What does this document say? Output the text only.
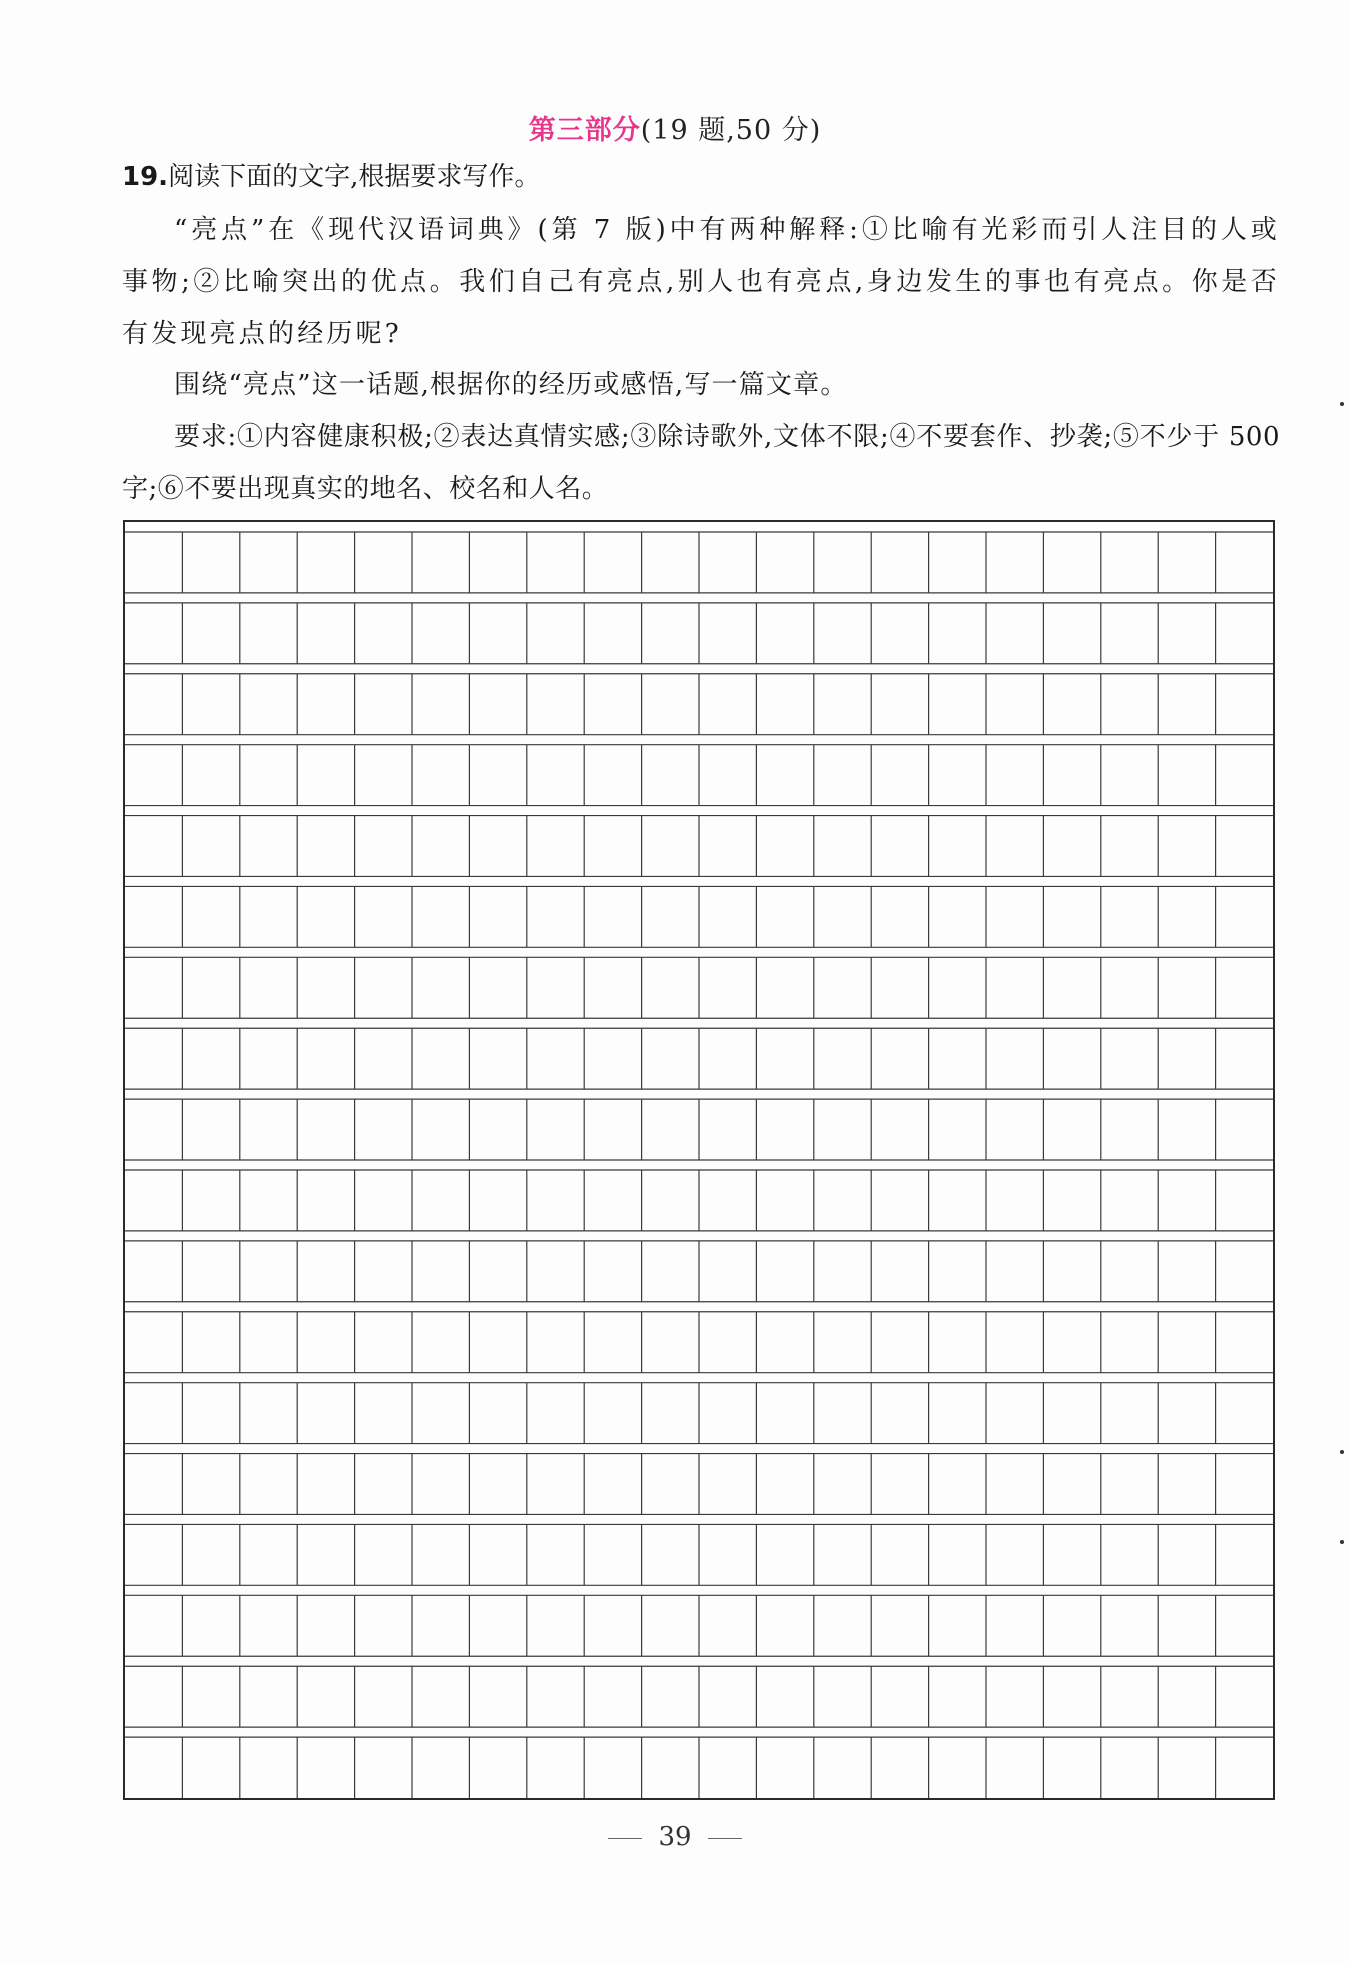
第三部分(19 题,50 分)
19.阅读下面的文字,根据要求写作。
“亮点”在《现代汉语词典》(第 7 版)中有两种解释:①比喻有光彩而引人注目的人或事物;②比喻突出的优点。我们自己有亮点,别人也有亮点,身边发生的事也有亮点。你是否有发现亮点的经历呢?
围绕“亮点”这一话题,根据你的经历或感悟,写一篇文章。
要求:①内容健康积极;②表达真情实感;③除诗歌外,文体不限;④不要套作、抄袭;⑤不少于 500 字;⑥不要出现真实的地名、校名和人名。
39
